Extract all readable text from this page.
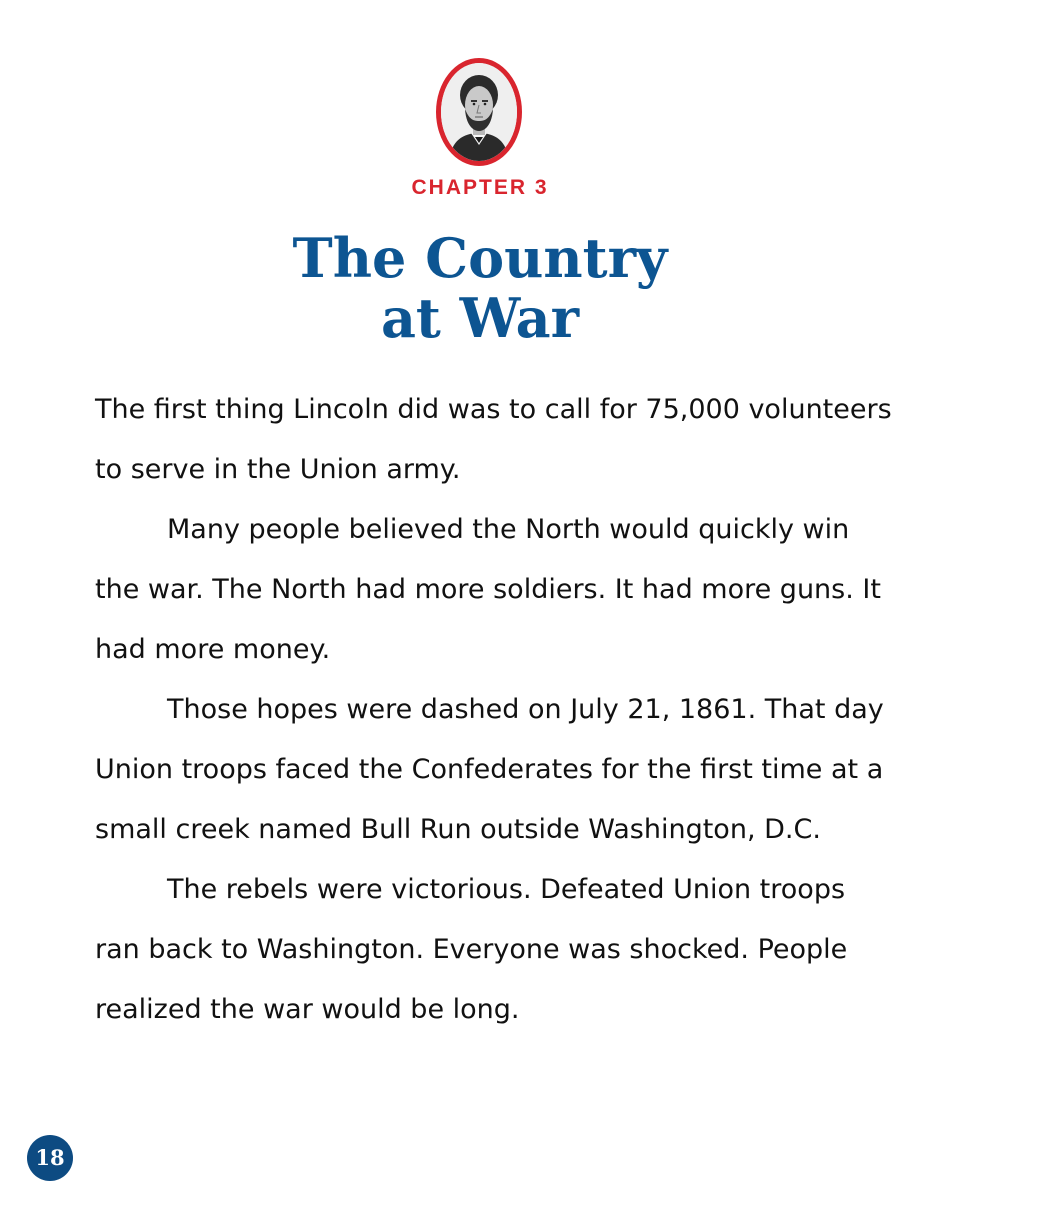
CHAPTER 3
The Country
at War

The first thing Lincoln did was to call for 75,000 volunteers to serve in the Union army.

Many people believed the North would quickly win the war. The North had more soldiers. It had more guns. It had more money.

Those hopes were dashed on July 21, 1861. That day Union troops faced the Confederates for the first time at a small creek named Bull Run outside Washington, D.C.

The rebels were victorious. Defeated Union troops ran back to Washington. Everyone was shocked. People realized the war would be long.

18
